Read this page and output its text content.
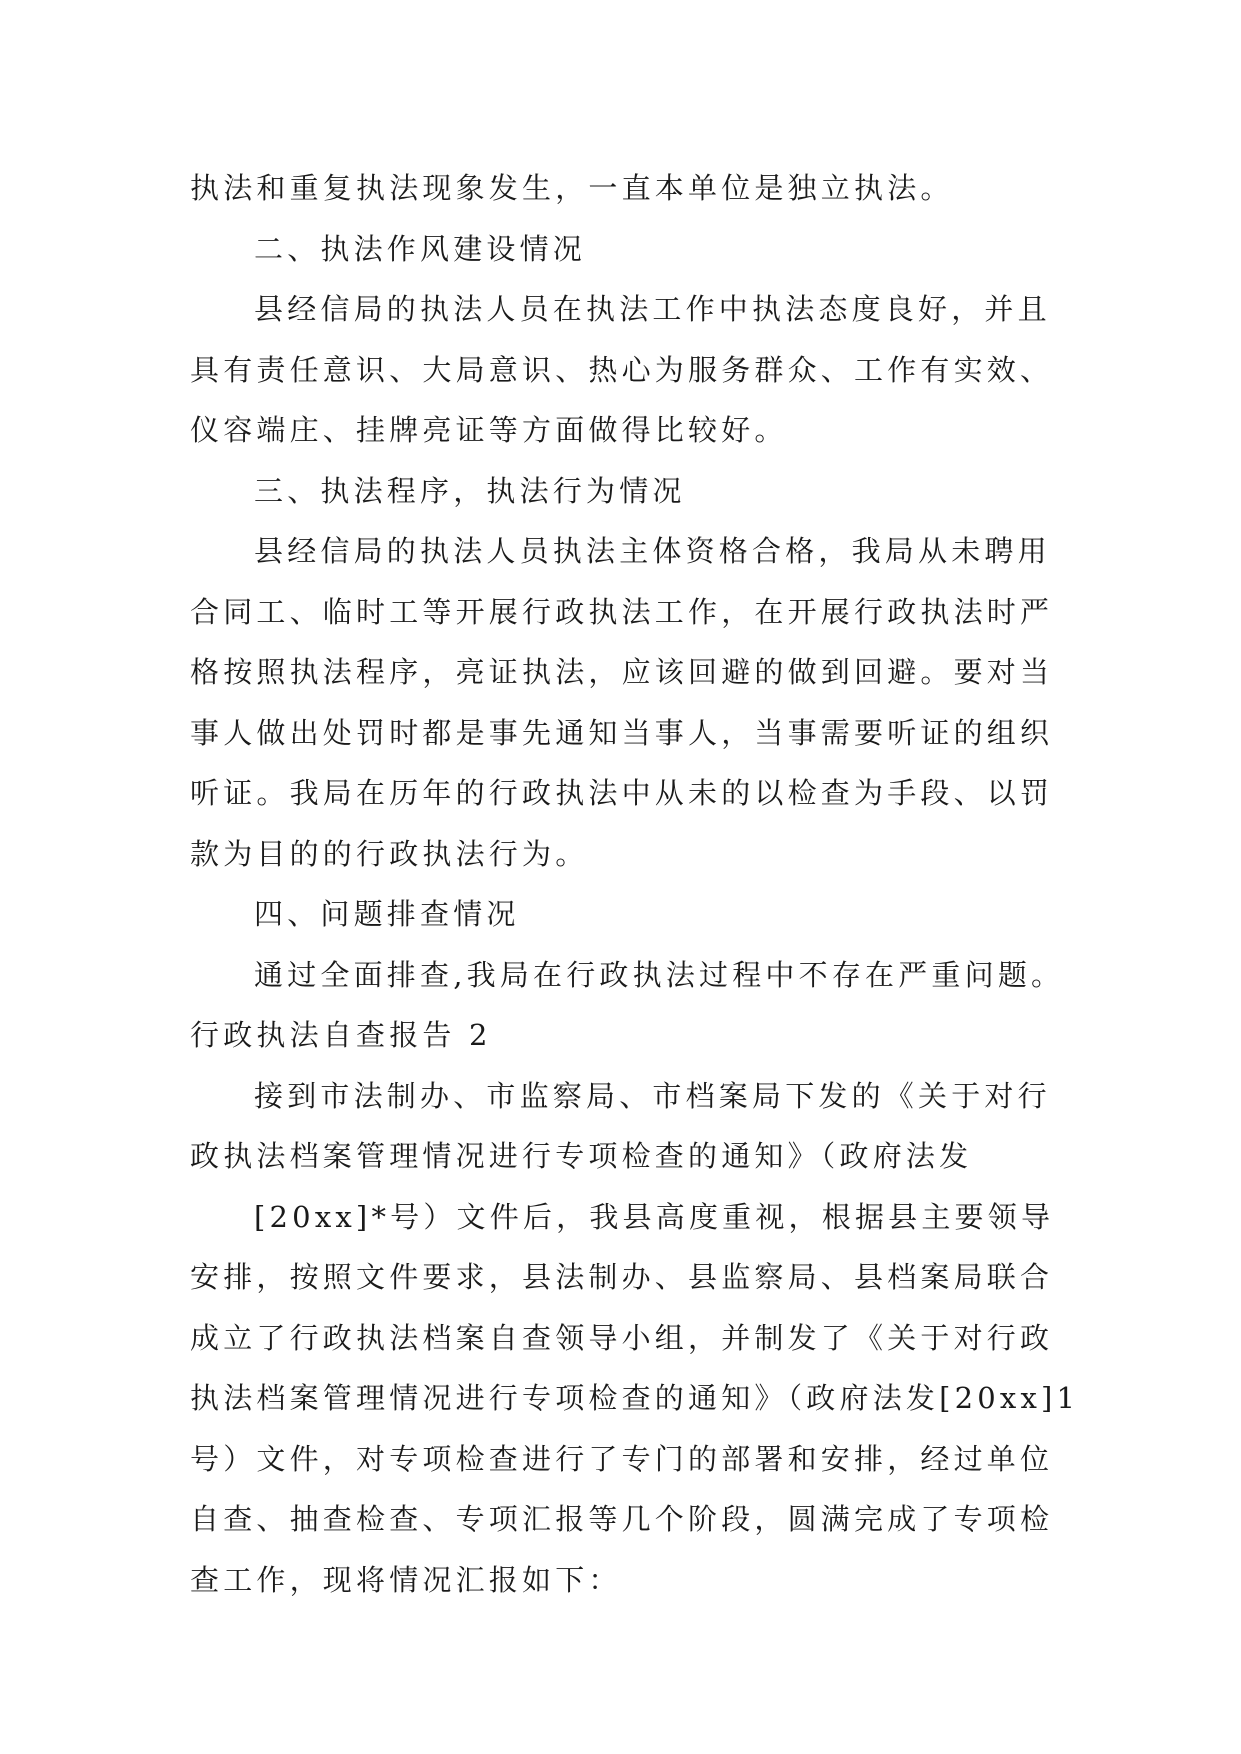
执法和重复执法现象发生，一直本单位是独立执法。
二、执法作风建设情况
县经信局的执法人员在执法工作中执法态度良好，并且
具有责任意识、大局意识、热心为服务群众、工作有实效、
仪容端庄、挂牌亮证等方面做得比较好。
三、执法程序，执法行为情况
县经信局的执法人员执法主体资格合格，我局从未聘用
合同工、临时工等开展行政执法工作，在开展行政执法时严
格按照执法程序，亮证执法，应该回避的做到回避。要对当
事人做出处罚时都是事先通知当事人，当事需要听证的组织
听证。我局在历年的行政执法中从未的以检查为手段、以罚
款为目的的行政执法行为。
四、问题排查情况
通过全面排查,我局在行政执法过程中不存在严重问题。
行政执法自查报告 2
接到市法制办、市监察局、市档案局下发的《关于对行
政执法档案管理情况进行专项检查的通知》（政府法发
[20xx]*号）文件后，我县高度重视，根据县主要领导
安排，按照文件要求，县法制办、县监察局、县档案局联合
成立了行政执法档案自查领导小组，并制发了《关于对行政
执法档案管理情况进行专项检查的通知》（政府法发[20xx]1
号）文件，对专项检查进行了专门的部署和安排，经过单位
自查、抽查检查、专项汇报等几个阶段，圆满完成了专项检
查工作，现将情况汇报如下：
